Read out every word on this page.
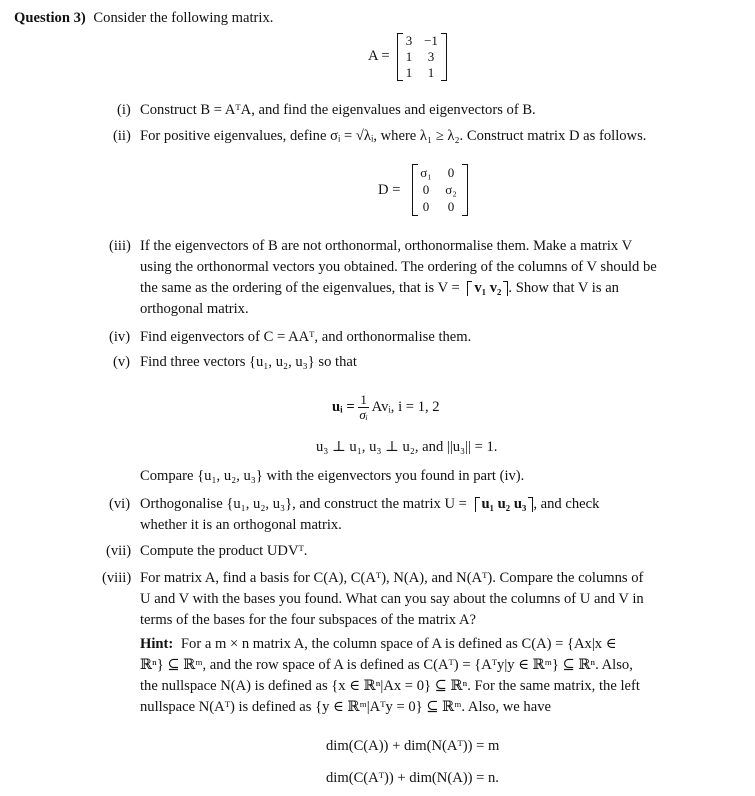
Question 3) Consider the following matrix.
A =
3 −1
1	3
1	1
(i) Construct B = AᵀA, and find the eigenvalues and eigenvectors of B.
(ii) For positive eigenvalues, define σᵢ = √λᵢ, where λ₁ ≥ λ₂. Construct matrix D as follows.
D =
σ₁	0
0	σ₂
0	0
(iii) If the eigenvectors of B are not orthonormal, orthonormalise them. Make a matrix V
using the orthonormal vectors you obtained. The ordering of the columns of V should be
the same as the ordering of the eigenvalues, that is V = v₁ v₂ . Show that V is an
orthogonal matrix.
(iv) Find eigenvectors of C = AAᵀ, and orthonormalise them.
(v) Find three vectors {u₁, u₂, u₃} so that
uᵢ = $\frac{1}{\text{σᵢ}}$ Avᵢ, i = 1, 2
u₃ ⊥ u₁, u₃ ⊥ u₂, and ||u₃|| = 1.
Compare {u₁, u₂, u₃} with the eigenvectors you found in part (iv).
(vi) Orthogonalise {u₁, u₂, u₃}, and construct the matrix U = u₁ u₂ u₃ , and check
whether it is an orthogonal matrix.
(vii) Compute the product UDVᵀ.
(viii) For matrix A, find a basis for C(A), C(Aᵀ), N(A), and N(Aᵀ). Compare the columns of
U and V with the bases you found. What can you say about the columns of U and V in
terms of the bases for the four subspaces of the matrix A?
Hint: For a m × n matrix A, the column space of A is defined as C(A) = {Ax|x ∈
ℝⁿ} ⊆ ℝᵐ, and the row space of A is defined as C(Aᵀ) = {Aᵀy|y ∈ ℝᵐ} ⊆ ℝⁿ. Also,
the nullspace N(A) is defined as {x ∈ ℝⁿ|Ax = 0} ⊆ ℝⁿ. For the same matrix, the left
nullspace N(Aᵀ) is defined as {y ∈ ℝᵐ|Aᵀy = 0} ⊆ ℝᵐ. Also, we have
dim(C(A)) + dim(N(Aᵀ)) = m
dim(C(Aᵀ)) + dim(N(A)) = n.
